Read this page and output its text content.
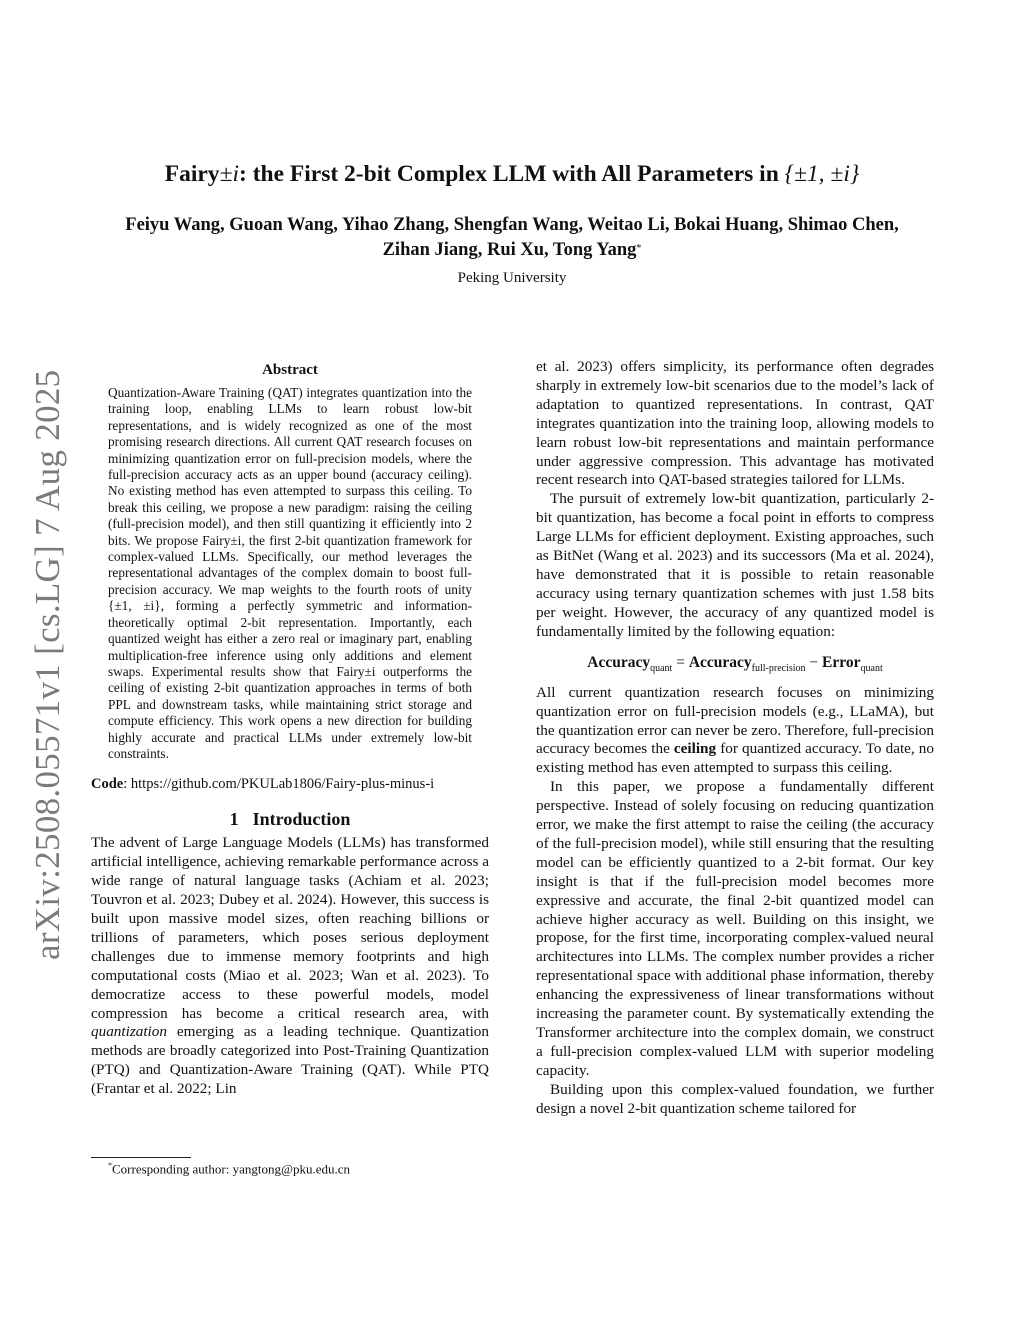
arXiv:2508.05571v1 [cs.LG] 7 Aug 2025
Fairy±i: the First 2-bit Complex LLM with All Parameters in {±1, ±i}
Feiyu Wang, Guoan Wang, Yihao Zhang, Shengfan Wang, Weitao Li, Bokai Huang, Shimao Chen,
Zihan Jiang, Rui Xu, Tong Yang*
Peking University
Abstract

Quantization-Aware Training (QAT) integrates quantization into the training loop, enabling LLMs to learn robust low-bit representations, and is widely recognized as one of the most promising research directions. All current QAT research focuses on minimizing quantization error on full-precision models, where the full-precision accuracy acts as an upper bound (accuracy ceiling). No existing method has even attempted to surpass this ceiling. To break this ceiling, we propose a new paradigm: raising the ceiling (full-precision model), and then still quantizing it efficiently into 2 bits. We propose Fairy±i, the first 2-bit quantization framework for complex-valued LLMs. Specifically, our method leverages the representational advantages of the complex domain to boost full-precision accuracy. We map weights to the fourth roots of unity {±1, ±i}, forming a perfectly symmetric and information-theoretically optimal 2-bit representation. Importantly, each quantized weight has either a zero real or imaginary part, enabling multiplication-free inference using only additions and element swaps. Experimental results show that Fairy±i outperforms the ceiling of existing 2-bit quantization approaches in terms of both PPL and downstream tasks, while maintaining strict storage and compute efficiency. This work opens a new direction for building highly accurate and practical LLMs under extremely low-bit constraints.

Code: https://github.com/PKULab1806/Fairy-plus-minus-i
1 Introduction

The advent of Large Language Models (LLMs) has transformed artificial intelligence, achieving remarkable performance across a wide range of natural language tasks (Achiam et al. 2023; Touvron et al. 2023; Dubey et al. 2024). However, this success is built upon massive model sizes, often reaching billions or trillions of parameters, which poses serious deployment challenges due to immense memory footprints and high computational costs (Miao et al. 2023; Wan et al. 2023). To democratize access to these powerful models, model compression has become a critical research area, with quantization emerging as a leading technique. Quantization methods are broadly categorized into Post-Training Quantization (PTQ) and Quantization-Aware Training (QAT). While PTQ (Frantar et al. 2022; Lin

et al. 2023) offers simplicity, its performance often degrades sharply in extremely low-bit scenarios due to the model’s lack of adaptation to quantized representations. In contrast, QAT integrates quantization into the training loop, allowing models to learn robust low-bit representations and maintain performance under aggressive compression. This advantage has motivated recent research into QAT-based strategies tailored for LLMs.

The pursuit of extremely low-bit quantization, particularly 2-bit quantization, has become a focal point in efforts to compress Large LLMs for efficient deployment. Existing approaches, such as BitNet (Wang et al. 2023) and its successors (Ma et al. 2024), have demonstrated that it is possible to retain reasonable accuracy using ternary quantization schemes with just 1.58 bits per weight. However, the accuracy of any quantized model is fundamentally limited by the following equation:

Accuracy$_{quant}$ = Accuracy$_{full-precision}$ − Error$_{quant}$

All current quantization research focuses on minimizing quantization error on full-precision models (e.g., LLaMA), but the quantization error can never be zero. Therefore, full-precision accuracy becomes the ceiling for quantized accuracy. To date, no existing method has even attempted to surpass this ceiling.

In this paper, we propose a fundamentally different perspective. Instead of solely focusing on reducing quantization error, we make the first attempt to raise the ceiling (the accuracy of the full-precision model), while still ensuring that the resulting model can be efficiently quantized to a 2-bit format. Our key insight is that if the full-precision model becomes more expressive and accurate, the final 2-bit quantized model can achieve higher accuracy as well. Building on this insight, we propose, for the first time, incorporating complex-valued neural architectures into LLMs. The complex number provides a richer representational space with additional phase information, thereby enhancing the expressiveness of linear transformations without increasing the parameter count. By systematically extending the Transformer architecture into the complex domain, we construct a full-precision complex-valued LLM with superior modeling capacity.

Building upon this complex-valued foundation, we further design a novel 2-bit quantization scheme tailored for

*Corresponding author: yangtong@pku.edu.cn
